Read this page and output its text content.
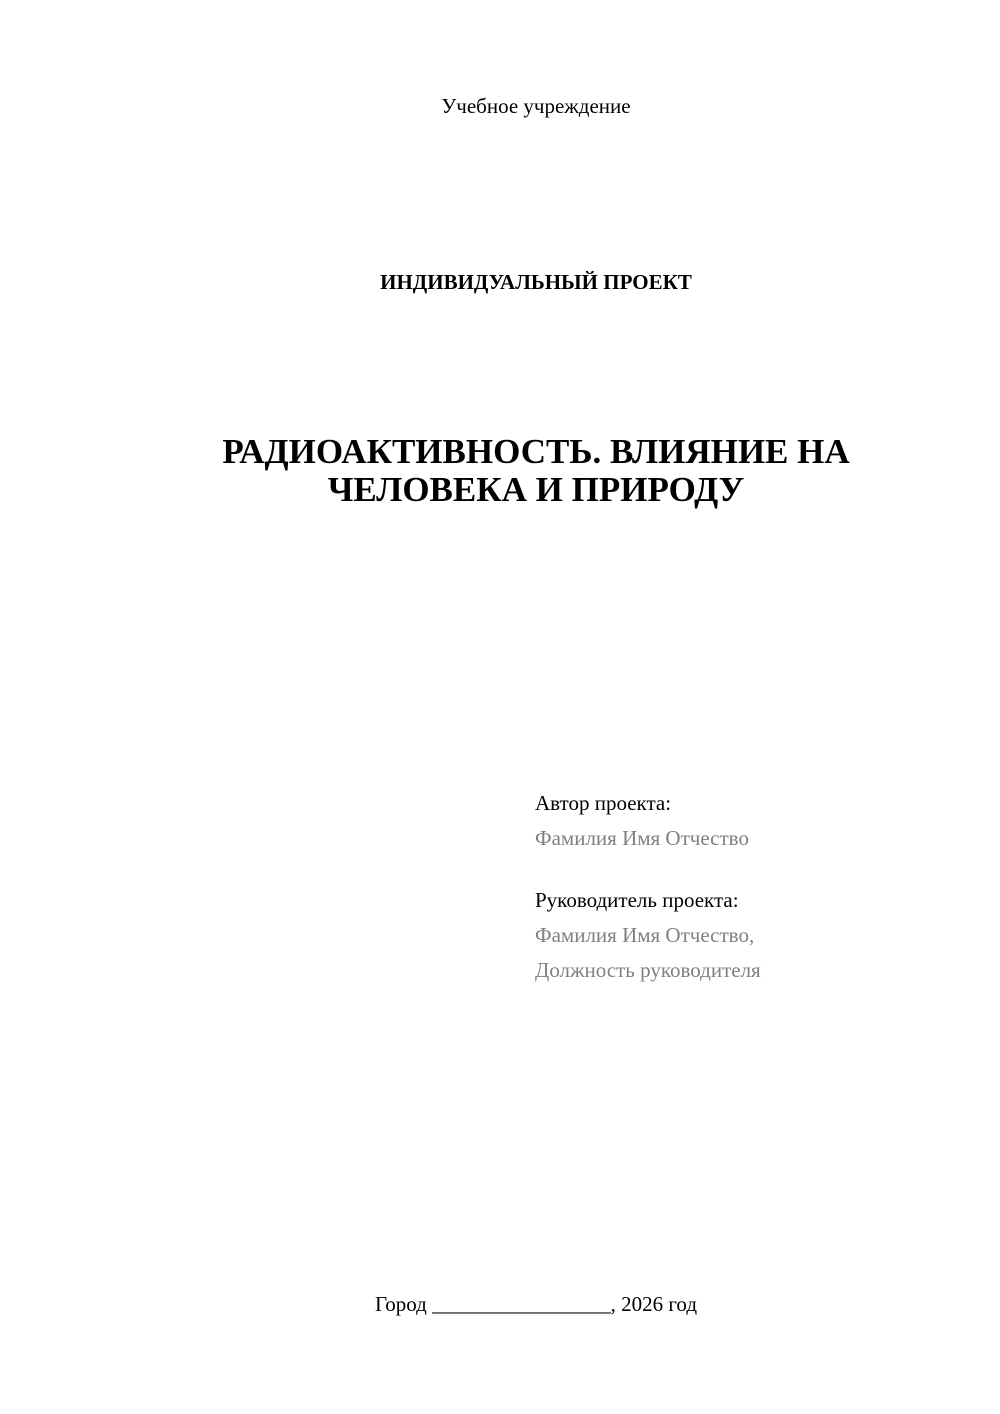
Учебное учреждение
ИНДИВИДУАЛЬНЫЙ ПРОЕКТ
РАДИОАКТИВНОСТЬ. ВЛИЯНИЕ НА
ЧЕЛОВЕКА И ПРИРОДУ
Автор проекта:
Фамилия Имя Отчество
Руководитель проекта:
Фамилия Имя Отчество,
Должность руководителя
Город _________________, 2026 год
